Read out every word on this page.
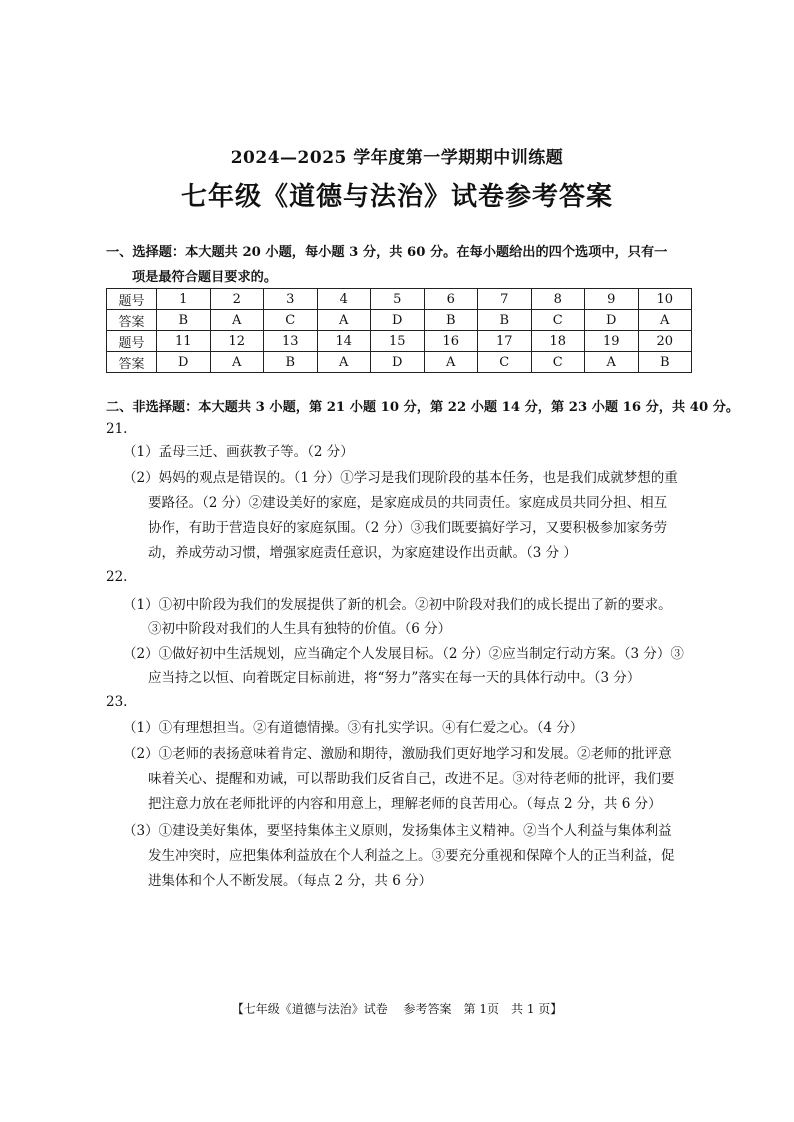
2024—2025 学年度第一学期期中训练题
七年级《道德与法治》试卷参考答案
一、选择题：本大题共 20 小题，每小题 3 分，共 60 分。在每小题给出的四个选项中，只有一
项是最符合题目要求的。
题号	1	2	3	4	5	6	7	8	9	10
答案	B	A	C	A	D	B	B	C	D	A
题号	11	12	13	14	15	16	17	18	19	20
答案	D	A	B	A	D	A	C	C	A	B
二、非选择题：本大题共 3 小题，第 21 小题 10 分，第 22 小题 14 分，第 23 小题 16 分，共 40 分。
21.
（1）孟母三迁、画荻教子等。（2 分）
（2）妈妈的观点是错误的。（1 分）①学习是我们现阶段的基本任务，也是我们成就梦想的重
要路径。（2 分）②建设美好的家庭，是家庭成员的共同责任。家庭成员共同分担、相互
协作，有助于营造良好的家庭氛围。（2 分）③我们既要搞好学习，又要积极参加家务劳
动，养成劳动习惯，增强家庭责任意识，为家庭建设作出贡献。（3 分 ）
22.
（1）①初中阶段为我们的发展提供了新的机会。②初中阶段对我们的成长提出了新的要求。
③初中阶段对我们的人生具有独特的价值。（6 分）
（2）①做好初中生活规划，应当确定个人发展目标。（2 分）②应当制定行动方案。（3 分）③
应当持之以恒、向着既定目标前进，将“努力”落实在每一天的具体行动中。（3 分）
23.
（1）①有理想担当。②有道德情操。③有扎实学识。④有仁爱之心。（4 分）
（2）①老师的表扬意味着肯定、激励和期待，激励我们更好地学习和发展。②老师的批评意
味着关心、提醒和劝诫，可以帮助我们反省自己，改进不足。③对待老师的批评，我们要
把注意力放在老师批评的内容和用意上，理解老师的良苦用心。（每点 2 分，共 6 分）
（3）①建设美好集体，要坚持集体主义原则，发扬集体主义精神。②当个人利益与集体利益
发生冲突时，应把集体利益放在个人利益之上。③要充分重视和保障个人的正当利益，促
进集体和个人不断发展。（每点 2 分，共 6 分）
【七年级《道德与法治》试卷　 参考答案　第 1页　共 1 页】
